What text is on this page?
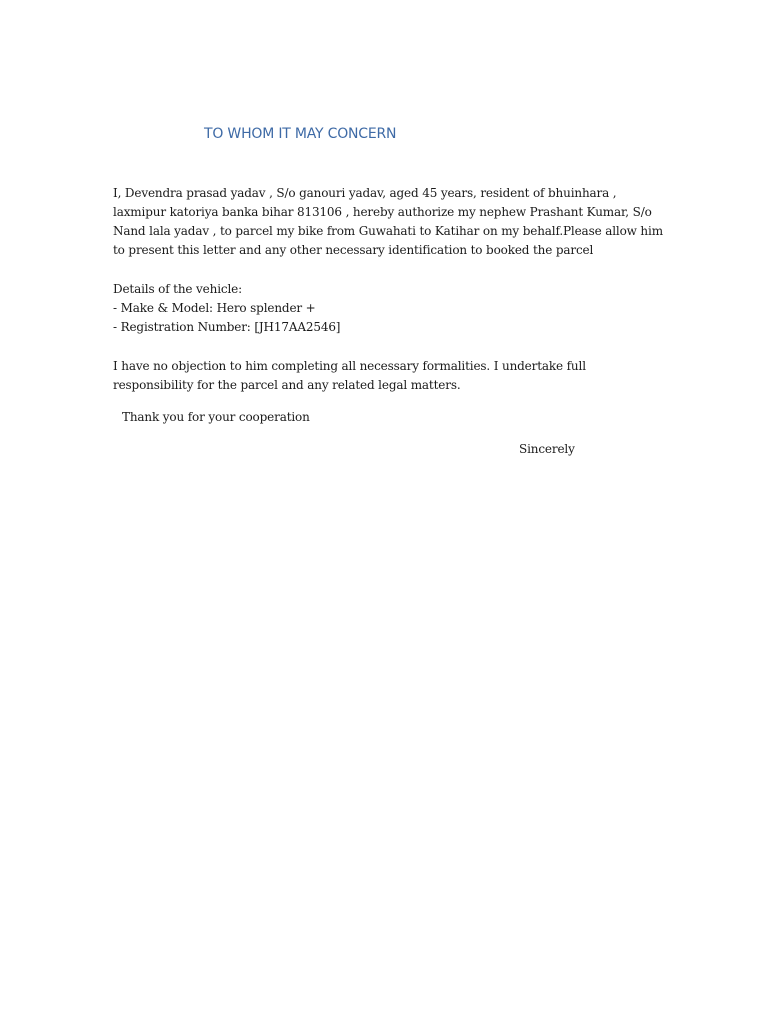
TO WHOM IT MAY CONCERN
I, Devendra prasad yadav , S/o ganouri yadav, aged 45 years, resident of bhuinhara ,
laxmipur katoriya banka bihar 813106 , hereby authorize my nephew Prashant Kumar, S/o
Nand lala yadav , to parcel my bike from Guwahati to Katihar on my behalf.Please allow him
to present this letter and any other necessary identification to booked the parcel
Details of the vehicle:
- Make & Model: Hero splender +
- Registration Number: [JH17AA2546]
I have no objection to him completing all necessary formalities. I undertake full
responsibility for the parcel and any related legal matters.
Thank you for your cooperation
Sincerely
